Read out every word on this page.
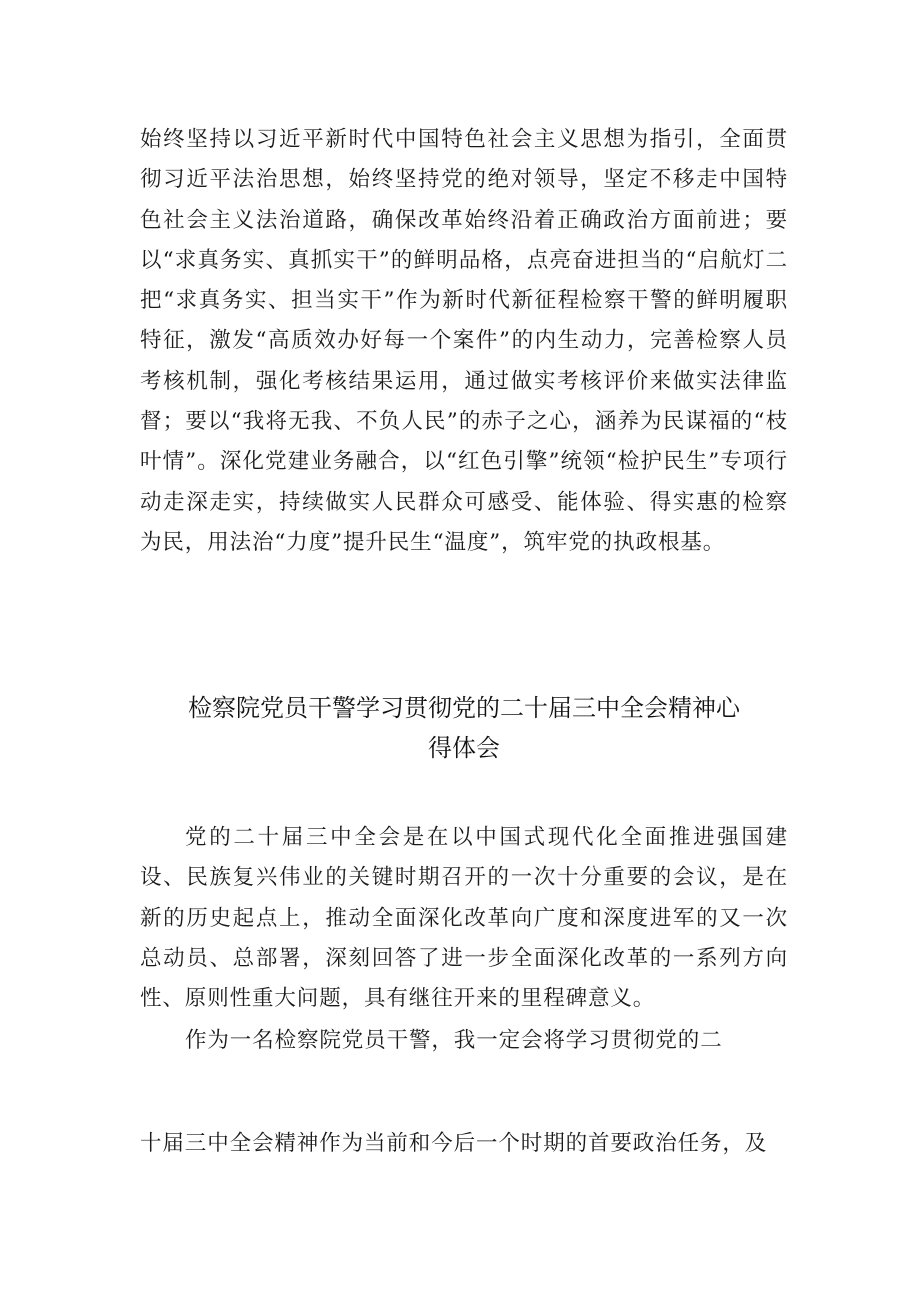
始终坚持以习近平新时代中国特色社会主义思想为指引，全面贯彻习近平法治思想，始终坚持党的绝对领导，坚定不移走中国特色社会主义法治道路，确保改革始终沿着正确政治方面前进；要以“求真务实、真抓实干”的鲜明品格，点亮奋进担当的“启航灯二把“求真务实、担当实干”作为新时代新征程检察干警的鲜明履职特征，激发“高质效办好每一个案件”的内生动力，完善检察人员考核机制，强化考核结果运用，通过做实考核评价来做实法律监督；要以“我将无我、不负人民”的赤子之心，涵养为民谋福的“枝叶情”。深化党建业务融合，以“红色引擎”统领“检护民生”专项行动走深走实，持续做实人民群众可感受、能体验、得实惠的检察为民，用法治“力度”提升民生“温度”，筑牢党的执政根基。

检察院党员干警学习贯彻党的二十届三中全会精神心
得体会

党的二十届三中全会是在以中国式现代化全面推进强国建设、民族复兴伟业的关键时期召开的一次十分重要的会议，是在新的历史起点上，推动全面深化改革向广度和深度进军的又一次总动员、总部署，深刻回答了进一步全面深化改革的一系列方向性、原则性重大问题，具有继往开来的里程碑意义。

作为一名检察院党员干警，我一定会将学习贯彻党的二

十届三中全会精神作为当前和今后一个时期的首要政治任务，及
